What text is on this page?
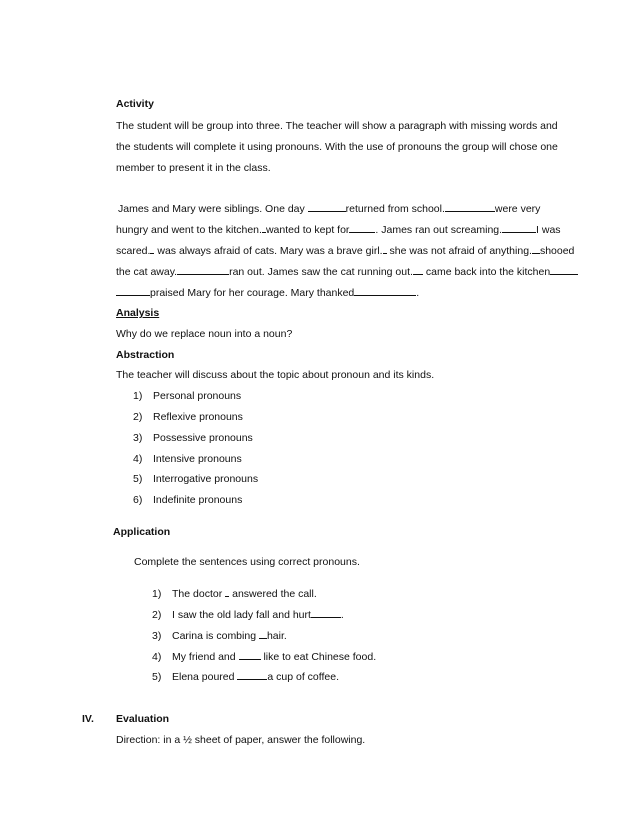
Activity
The student will be group into three. The teacher will show a paragraph with missing words and
the students will complete it using pronouns. With the use of pronouns the group will chose one
member to present it in the class.
James and Mary were siblings. One day	returned from school.	were very
hungry and went to the kitchen. wanted to kept for . James ran out screaming.	I was
scared. was always afraid of cats. Mary was a brave girl. she was not afraid of anything. shooed
the cat away.	ran out. James saw the cat running out. came back into the kitchen
praised Mary for her courage. Mary thanked	.
Analysis
Why do we replace noun into a noun?
Abstraction
The teacher will discuss about the topic about pronoun and its kinds.
1) Personal pronouns
2) Reflexive pronouns
3) Possessive pronouns
4) Intensive pronouns
5) Interrogative pronouns
6) Indefinite pronouns
Application
Complete the sentences using correct pronouns.
1) The doctor answered the call.
2) I saw the old lady fall and hurt	.
3) Carina is combing hair.
4) My friend and  like to eat Chinese food.
5) Elena poured	a cup of coffee.
IV. Evaluation
Direction: in a ½ sheet of paper, answer the following.
